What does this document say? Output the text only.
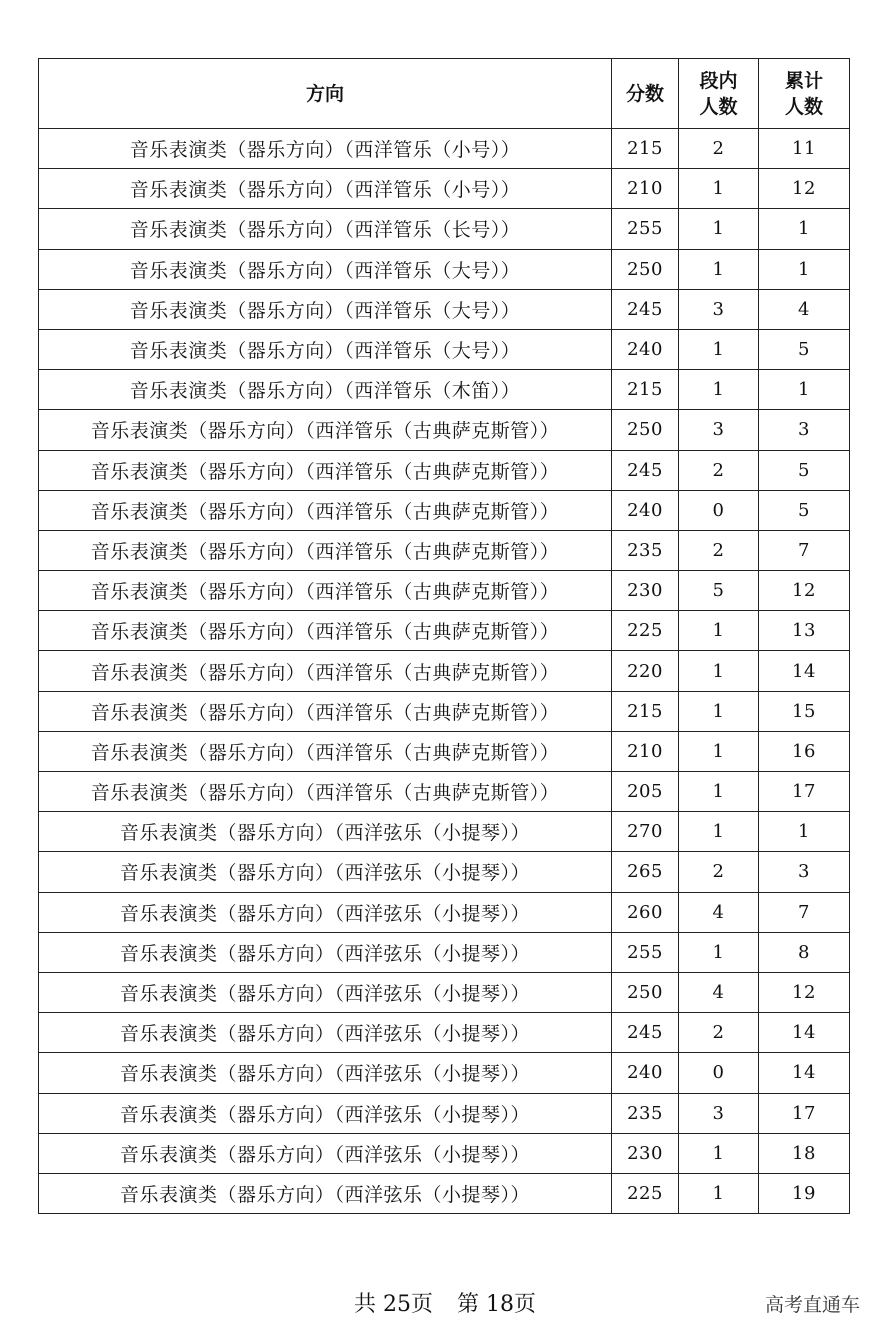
方向	分数	段内人数	累计人数
音乐表演类（器乐方向）（西洋管乐（小号））	215	2	11
音乐表演类（器乐方向）（西洋管乐（小号））	210	1	12
音乐表演类（器乐方向）（西洋管乐（长号））	255	1	1
音乐表演类（器乐方向）（西洋管乐（大号））	250	1	1
音乐表演类（器乐方向）（西洋管乐（大号））	245	3	4
音乐表演类（器乐方向）（西洋管乐（大号））	240	1	5
音乐表演类（器乐方向）（西洋管乐（木笛））	215	1	1
音乐表演类（器乐方向）（西洋管乐（古典萨克斯管））	250	3	3
音乐表演类（器乐方向）（西洋管乐（古典萨克斯管））	245	2	5
音乐表演类（器乐方向）（西洋管乐（古典萨克斯管））	240	0	5
音乐表演类（器乐方向）（西洋管乐（古典萨克斯管））	235	2	7
音乐表演类（器乐方向）（西洋管乐（古典萨克斯管））	230	5	12
音乐表演类（器乐方向）（西洋管乐（古典萨克斯管））	225	1	13
音乐表演类（器乐方向）（西洋管乐（古典萨克斯管））	220	1	14
音乐表演类（器乐方向）（西洋管乐（古典萨克斯管））	215	1	15
音乐表演类（器乐方向）（西洋管乐（古典萨克斯管））	210	1	16
音乐表演类（器乐方向）（西洋管乐（古典萨克斯管））	205	1	17
音乐表演类（器乐方向）（西洋弦乐（小提琴））	270	1	1
音乐表演类（器乐方向）（西洋弦乐（小提琴））	265	2	3
音乐表演类（器乐方向）（西洋弦乐（小提琴））	260	4	7
音乐表演类（器乐方向）（西洋弦乐（小提琴））	255	1	8
音乐表演类（器乐方向）（西洋弦乐（小提琴））	250	4	12
音乐表演类（器乐方向）（西洋弦乐（小提琴））	245	2	14
音乐表演类（器乐方向）（西洋弦乐（小提琴））	240	0	14
音乐表演类（器乐方向）（西洋弦乐（小提琴））	235	3	17
音乐表演类（器乐方向）（西洋弦乐（小提琴））	230	1	18
音乐表演类（器乐方向）（西洋弦乐（小提琴））	225	1	19
共 25页 第 18页	高考直通车
